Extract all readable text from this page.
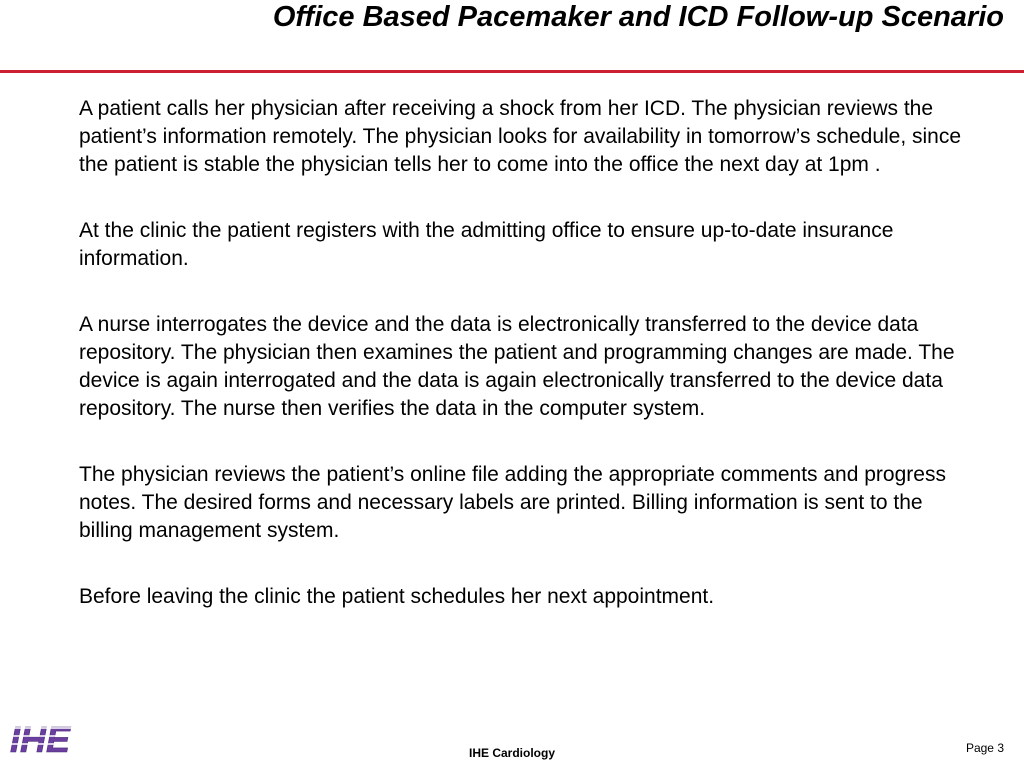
Office Based Pacemaker and ICD Follow-up Scenario

A patient calls her physician after receiving a shock from her ICD. The physician reviews the patient’s information remotely. The physician looks for availability in tomorrow’s schedule, since the patient is stable the physician tells her to come into the office the next day at 1pm .

At the clinic the patient registers with the admitting office to ensure up-to-date insurance information.

A nurse interrogates the device and the data is electronically transferred to the device data repository. The physician then examines the patient and programming changes are made. The device is again interrogated and the data is again electronically transferred to the device data repository. The nurse then verifies the data in the computer system.

The physician reviews the patient’s online file adding the appropriate comments and progress notes. The desired forms and necessary labels are printed. Billing information is sent to the billing management system.

Before leaving the clinic the patient schedules her next appointment.

IHE	IHE Cardiology	Page 3
